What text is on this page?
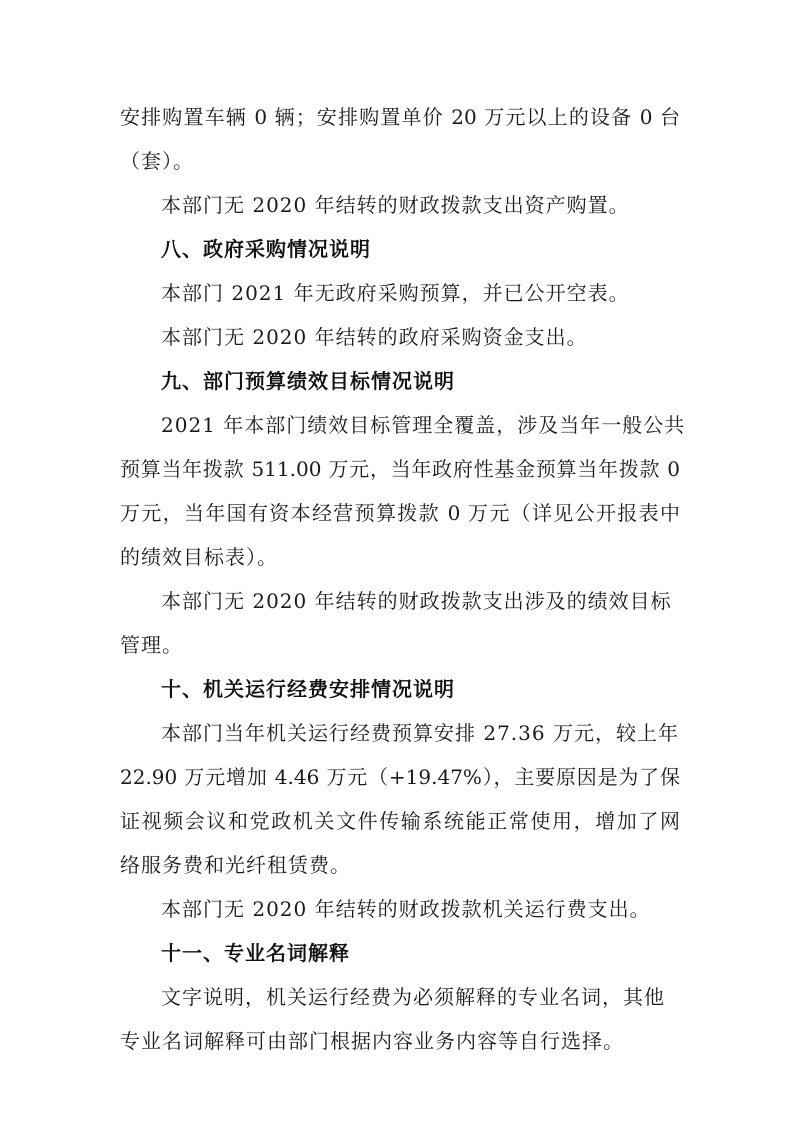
安排购置车辆 0 辆；安排购置单价 20 万元以上的设备 0 台

（套）。

本部门无 2020 年结转的财政拨款支出资产购置。

八、政府采购情况说明

本部门 2021 年无政府采购预算，并已公开空表。

本部门无 2020 年结转的政府采购资金支出。

九、部门预算绩效目标情况说明

2021 年本部门绩效目标管理全覆盖，涉及当年一般公共

预算当年拨款 511.00 万元，当年政府性基金预算当年拨款 0

万元，当年国有资本经营预算拨款 0 万元（详见公开报表中

的绩效目标表）。

本部门无 2020 年结转的财政拨款支出涉及的绩效目标

管理。

十、机关运行经费安排情况说明

本部门当年机关运行经费预算安排 27.36 万元，较上年

22.90 万元增加 4.46 万元（+19.47%），主要原因是为了保

证视频会议和党政机关文件传输系统能正常使用，增加了网

络服务费和光纤租赁费。

本部门无 2020 年结转的财政拨款机关运行费支出。

十一、专业名词解释

文字说明，机关运行经费为必须解释的专业名词，其他

专业名词解释可由部门根据内容业务内容等自行选择。
